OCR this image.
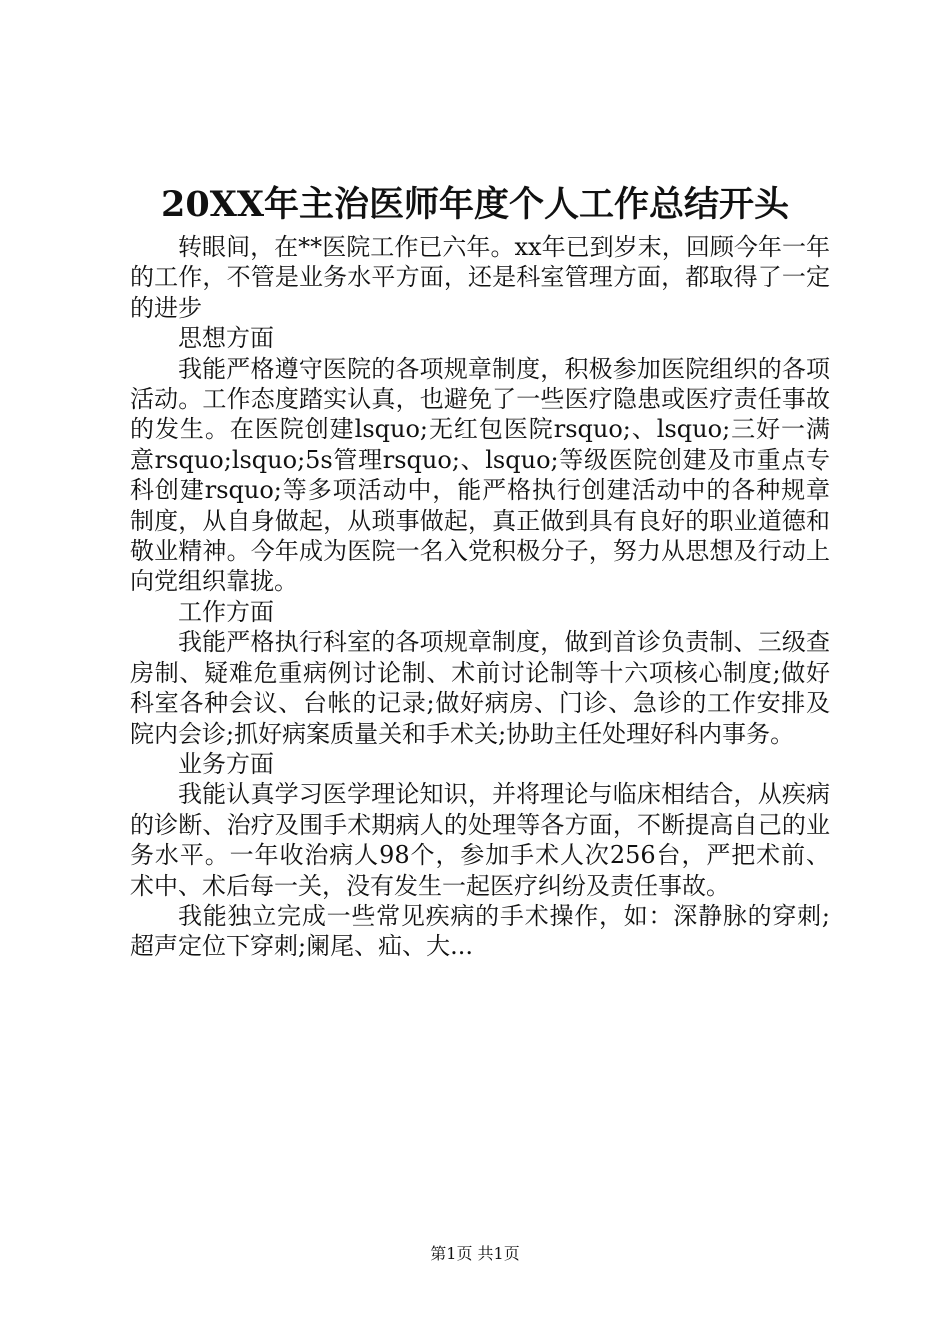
20XX年主治医师年度个人工作总结开头

转眼间，在**医院工作已六年。xx年已到岁末，回顾今年一年的工作，不管是业务水平方面，还是科室管理方面，都取得了一定的进步

思想方面

我能严格遵守医院的各项规章制度，积极参加医院组织的各项活动。工作态度踏实认真，也避免了一些医疗隐患或医疗责任事故的发生。在医院创建lsquo;无红包医院rsquo;、lsquo;三好一满意rsquo;lsquo;5s管理rsquo;、lsquo;等级医院创建及市重点专科创建rsquo;等多项活动中，能严格执行创建活动中的各种规章制度，从自身做起，从琐事做起，真正做到具有良好的职业道德和敬业精神。今年成为医院一名入党积极分子，努力从思想及行动上向党组织靠拢。

工作方面

我能严格执行科室的各项规章制度，做到首诊负责制、三级查房制、疑难危重病例讨论制、术前讨论制等十六项核心制度;做好科室各种会议、台帐的记录;做好病房、门诊、急诊的工作安排及院内会诊;抓好病案质量关和手术关;协助主任处理好科内事务。

业务方面

我能认真学习医学理论知识，并将理论与临床相结合，从疾病的诊断、治疗及围手术期病人的处理等各方面，不断提高自己的业务水平。一年收治病人98个，参加手术人次256台，严把术前、术中、术后每一关，没有发生一起医疗纠纷及责任事故。

我能独立完成一些常见疾病的手术操作，如：深静脉的穿刺;超声定位下穿刺;阑尾、疝、大...

第1页 共1页
